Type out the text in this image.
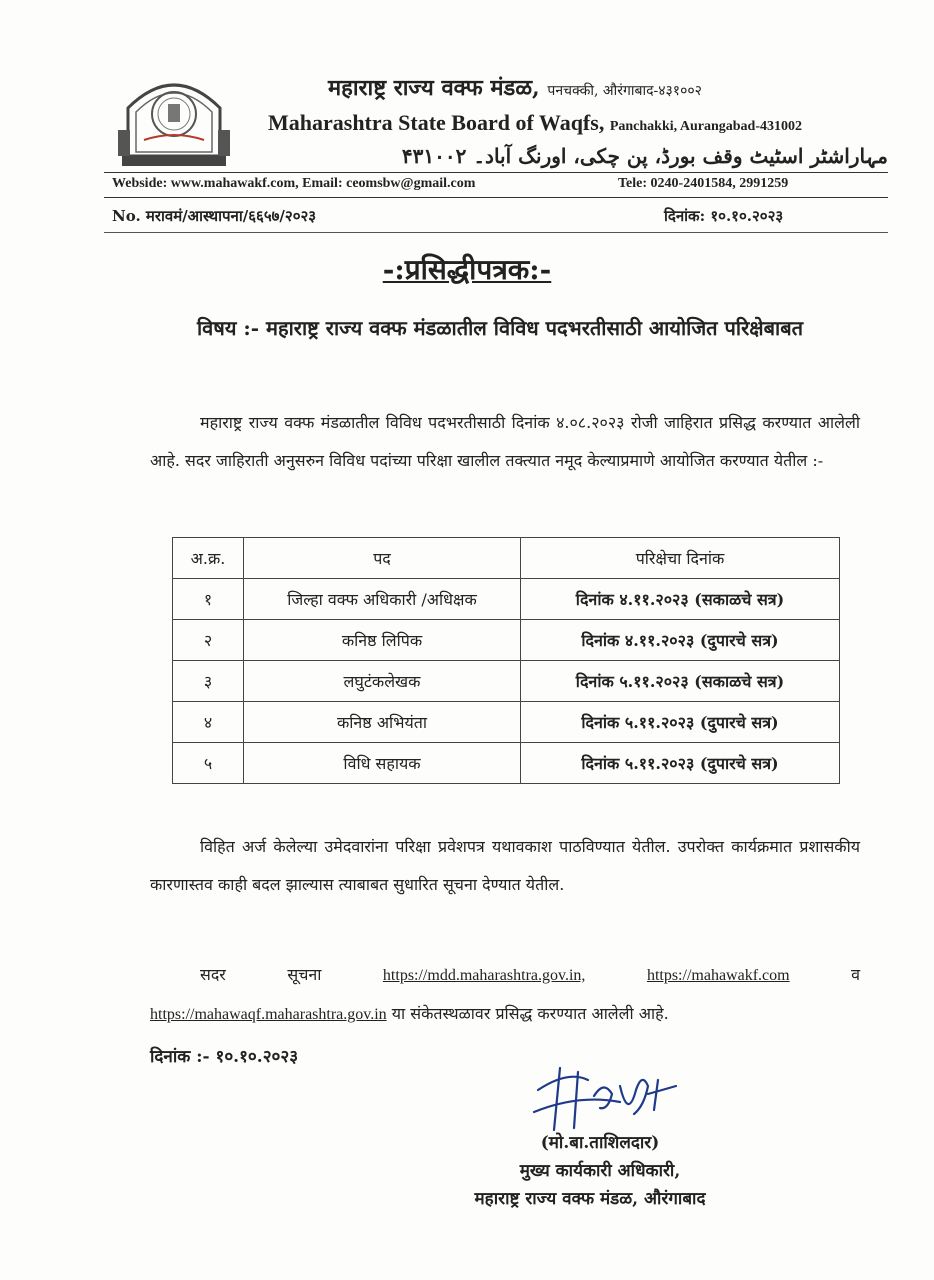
महाराष्ट्र राज्य वक्फ मंडळ, पनचक्की, औरंगाबाद-४३१००२
Maharashtra State Board of Waqfs, Panchakki, Aurangabad-431002
مہاراشٹر اسٹیٹ وقف بورڈ، پن چکی، اورنگ آباد۔ ۴۳۱۰۰۲
Webside: www.mahawakf.com, Email: ceomsbw@gmail.com	Tele: 0240-2401584, 2991259
No. मरावमं/आस्थापना/६६५७/२०२३	दिनांक: १०.१०.२०२३
-:प्रसिद्धीपत्रक:-
विषय :- महाराष्ट्र राज्य वक्फ मंडळातील विविध पदभरतीसाठी आयोजित परिक्षेबाबत
महाराष्ट्र राज्य वक्फ मंडळातील विविध पदभरतीसाठी दिनांक ४.०८.२०२३ रोजी जाहिरात प्रसिद्ध करण्यात आलेली आहे. सदर जाहिराती अनुसरुन विविध पदांच्या परिक्षा खालील तक्त्यात नमूद केल्याप्रमाणे आयोजित करण्यात येतील :-
अ.क्र.	पद	परिक्षेचा दिनांक
१	जिल्हा वक्फ अधिकारी /अधिक्षक	दिनांक ४.११.२०२३ (सकाळचे सत्र)
२	कनिष्ठ लिपिक	दिनांक ४.११.२०२३ (दुपारचे सत्र)
३	लघुटंकलेखक	दिनांक ५.११.२०२३ (सकाळचे सत्र)
४	कनिष्ठ अभियंता	दिनांक ५.११.२०२३ (दुपारचे सत्र)
५	विधि सहायक	दिनांक ५.११.२०२३ (दुपारचे सत्र)
विहित अर्ज केलेल्या उमेदवारांना परिक्षा प्रवेशपत्र यथावकाश पाठविण्यात येतील. उपरोक्त कार्यक्रमात प्रशासकीय कारणास्तव काही बदल झाल्यास त्याबाबत सुधारित सूचना देण्यात येतील.
सदर सूचना https://mdd.maharashtra.gov.in,	https://mahawakf.com व https://mahawaqf.maharashtra.gov.in या संकेतस्थळावर प्रसिद्ध करण्यात आलेली आहे.
दिनांक :- १०.१०.२०२३
(मो.बा.ताशिलदार)
मुख्य कार्यकारी अधिकारी,
महाराष्ट्र राज्य वक्फ मंडळ, औरंगाबाद
